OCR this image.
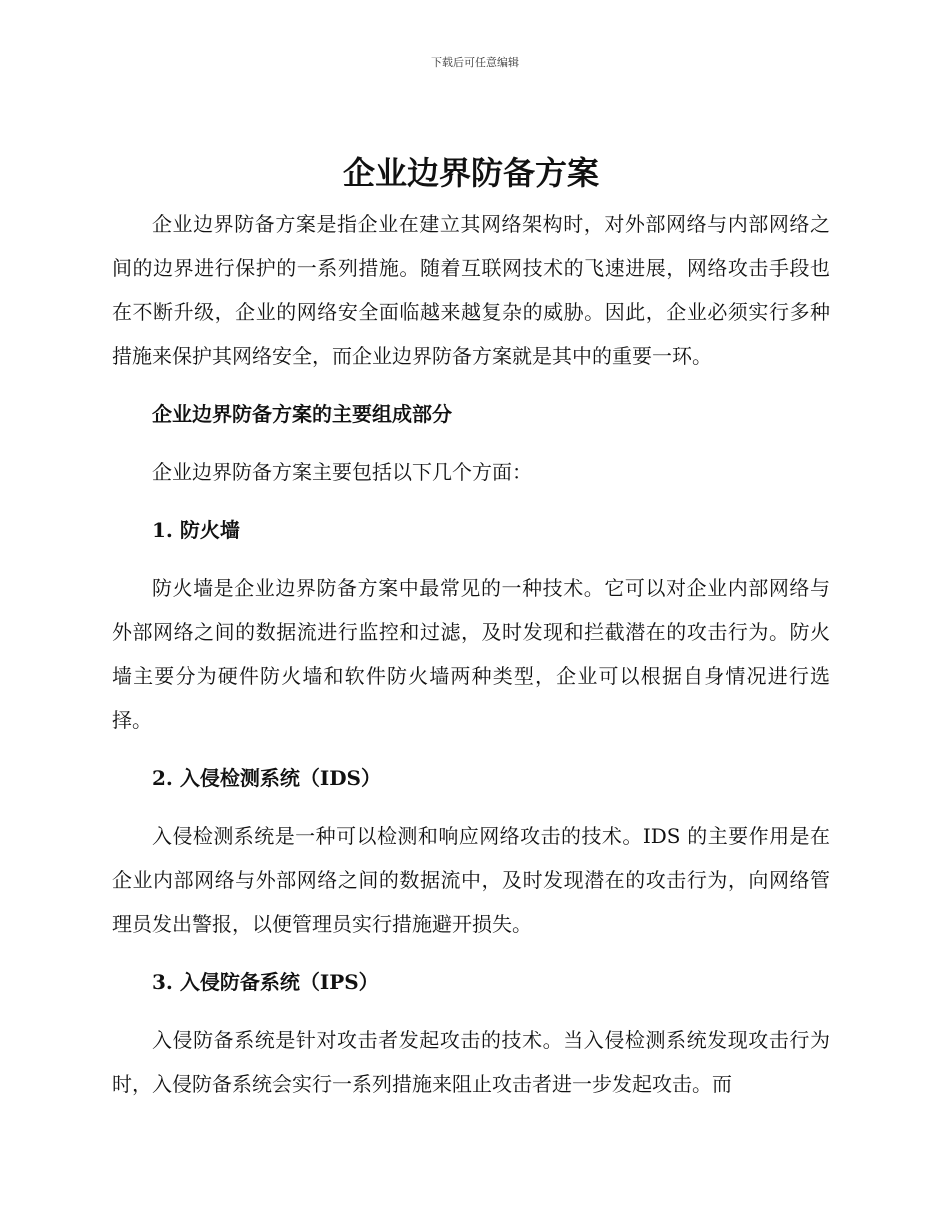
下载后可任意编辑
企业边界防备方案

企业边界防备方案是指企业在建立其网络架构时，对外部网络与内部网络之间的边界进行保护的一系列措施。随着互联网技术的飞速进展，网络攻击手段也在不断升级，企业的网络安全面临越来越复杂的威胁。因此，企业必须实行多种措施来保护其网络安全，而企业边界防备方案就是其中的重要一环。

企业边界防备方案的主要组成部分

企业边界防备方案主要包括以下几个方面：

1. 防火墙

防火墙是企业边界防备方案中最常见的一种技术。它可以对企业内部网络与外部网络之间的数据流进行监控和过滤，及时发现和拦截潜在的攻击行为。防火墙主要分为硬件防火墙和软件防火墙两种类型，企业可以根据自身情况进行选择。

2. 入侵检测系统（IDS）

入侵检测系统是一种可以检测和响应网络攻击的技术。IDS 的主要作用是在企业内部网络与外部网络之间的数据流中，及时发现潜在的攻击行为，向网络管理员发出警报，以便管理员实行措施避开损失。

3. 入侵防备系统（IPS）

入侵防备系统是针对攻击者发起攻击的技术。当入侵检测系统发现攻击行为时，入侵防备系统会实行一系列措施来阻止攻击者进一步发起攻击。而
